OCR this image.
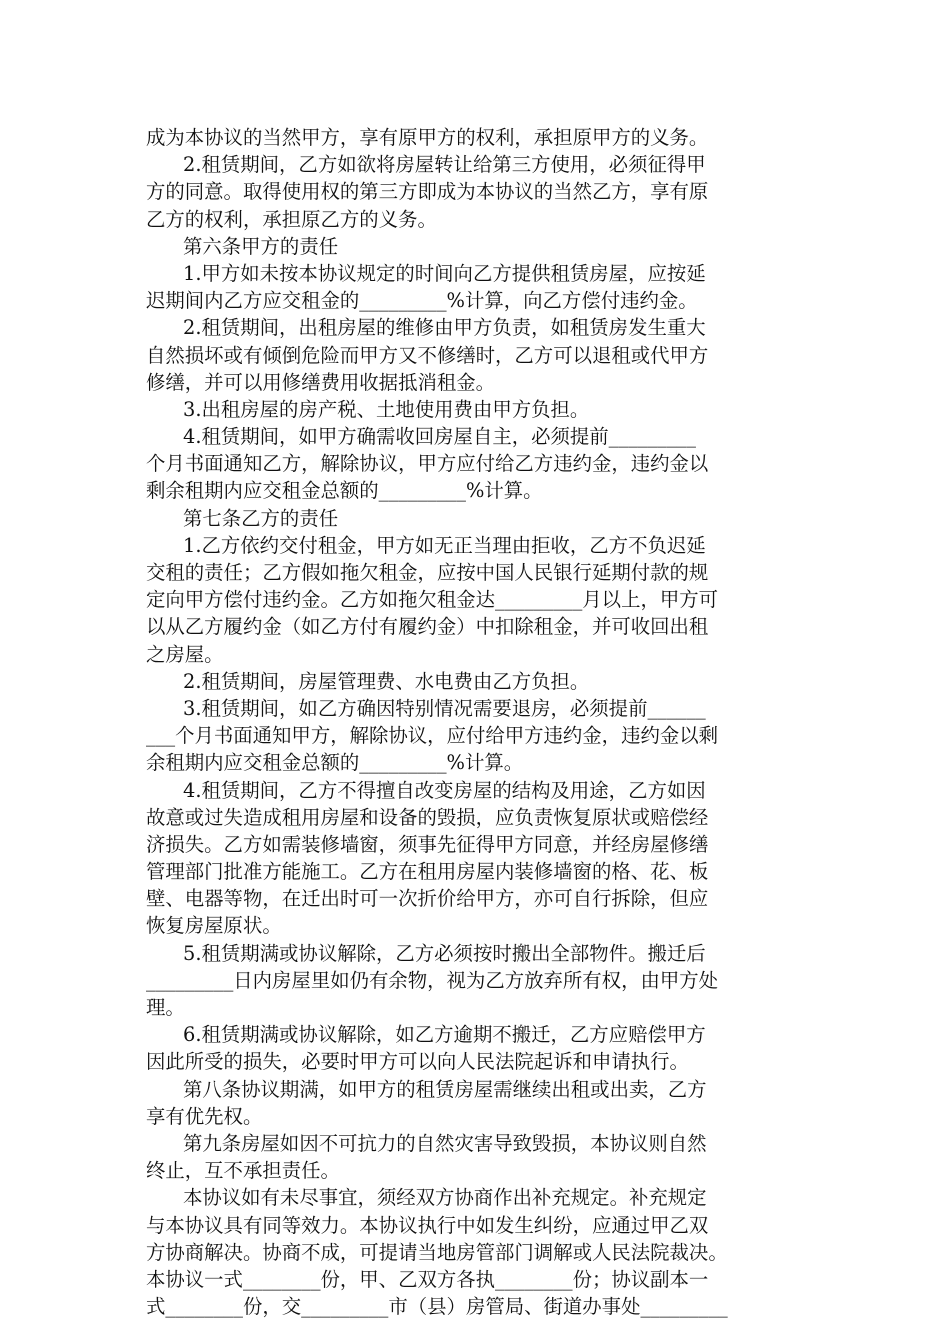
成为本协议的当然甲方，享有原甲方的权利，承担原甲方的义务。
2.租赁期间，乙方如欲将房屋转让给第三方使用，必须征得甲
方的同意。取得使用权的第三方即成为本协议的当然乙方，享有原
乙方的权利，承担原乙方的义务。
第六条甲方的责任
1.甲方如未按本协议规定的时间向乙方提供租赁房屋，应按延
迟期间内乙方应交租金的_________%计算，向乙方偿付违约金。
2.租赁期间，出租房屋的维修由甲方负责，如租赁房发生重大
自然损坏或有倾倒危险而甲方又不修缮时，乙方可以退租或代甲方
修缮，并可以用修缮费用收据抵消租金。
3.出租房屋的房产税、土地使用费由甲方负担。
4.租赁期间，如甲方确需收回房屋自主，必须提前_________
个月书面通知乙方，解除协议，甲方应付给乙方违约金，违约金以
剩余租期内应交租金总额的_________%计算。
第七条乙方的责任
1.乙方依约交付租金，甲方如无正当理由拒收，乙方不负迟延
交租的责任；乙方假如拖欠租金，应按中国人民银行延期付款的规
定向甲方偿付违约金。乙方如拖欠租金达_________月以上，甲方可
以从乙方履约金（如乙方付有履约金）中扣除租金，并可收回出租
之房屋。
2.租赁期间，房屋管理费、水电费由乙方负担。
3.租赁期间，如乙方确因特别情况需要退房，必须提前______
___个月书面通知甲方，解除协议，应付给甲方违约金，违约金以剩
余租期内应交租金总额的_________%计算。
4.租赁期间，乙方不得擅自改变房屋的结构及用途，乙方如因
故意或过失造成租用房屋和设备的毁损，应负责恢复原状或赔偿经
济损失。乙方如需装修墙窗，须事先征得甲方同意，并经房屋修缮
管理部门批准方能施工。乙方在租用房屋内装修墙窗的格、花、板
壁、电器等物，在迁出时可一次折价给甲方，亦可自行拆除，但应
恢复房屋原状。
5.租赁期满或协议解除，乙方必须按时搬出全部物件。搬迁后
_________日内房屋里如仍有余物，视为乙方放弃所有权，由甲方处
理。
6.租赁期满或协议解除，如乙方逾期不搬迁，乙方应赔偿甲方
因此所受的损失，必要时甲方可以向人民法院起诉和申请执行。
第八条协议期满，如甲方的租赁房屋需继续出租或出卖，乙方
享有优先权。
第九条房屋如因不可抗力的自然灾害导致毁损，本协议则自然
终止，互不承担责任。
本协议如有未尽事宜，须经双方协商作出补充规定。补充规定
与本协议具有同等效力。本协议执行中如发生纠纷，应通过甲乙双
方协商解决。协商不成，可提请当地房管部门调解或人民法院裁决。
本协议一式________份，甲、乙双方各执________份；协议副本一
式________份，交_________市（县）房管局、街道办事处_________
